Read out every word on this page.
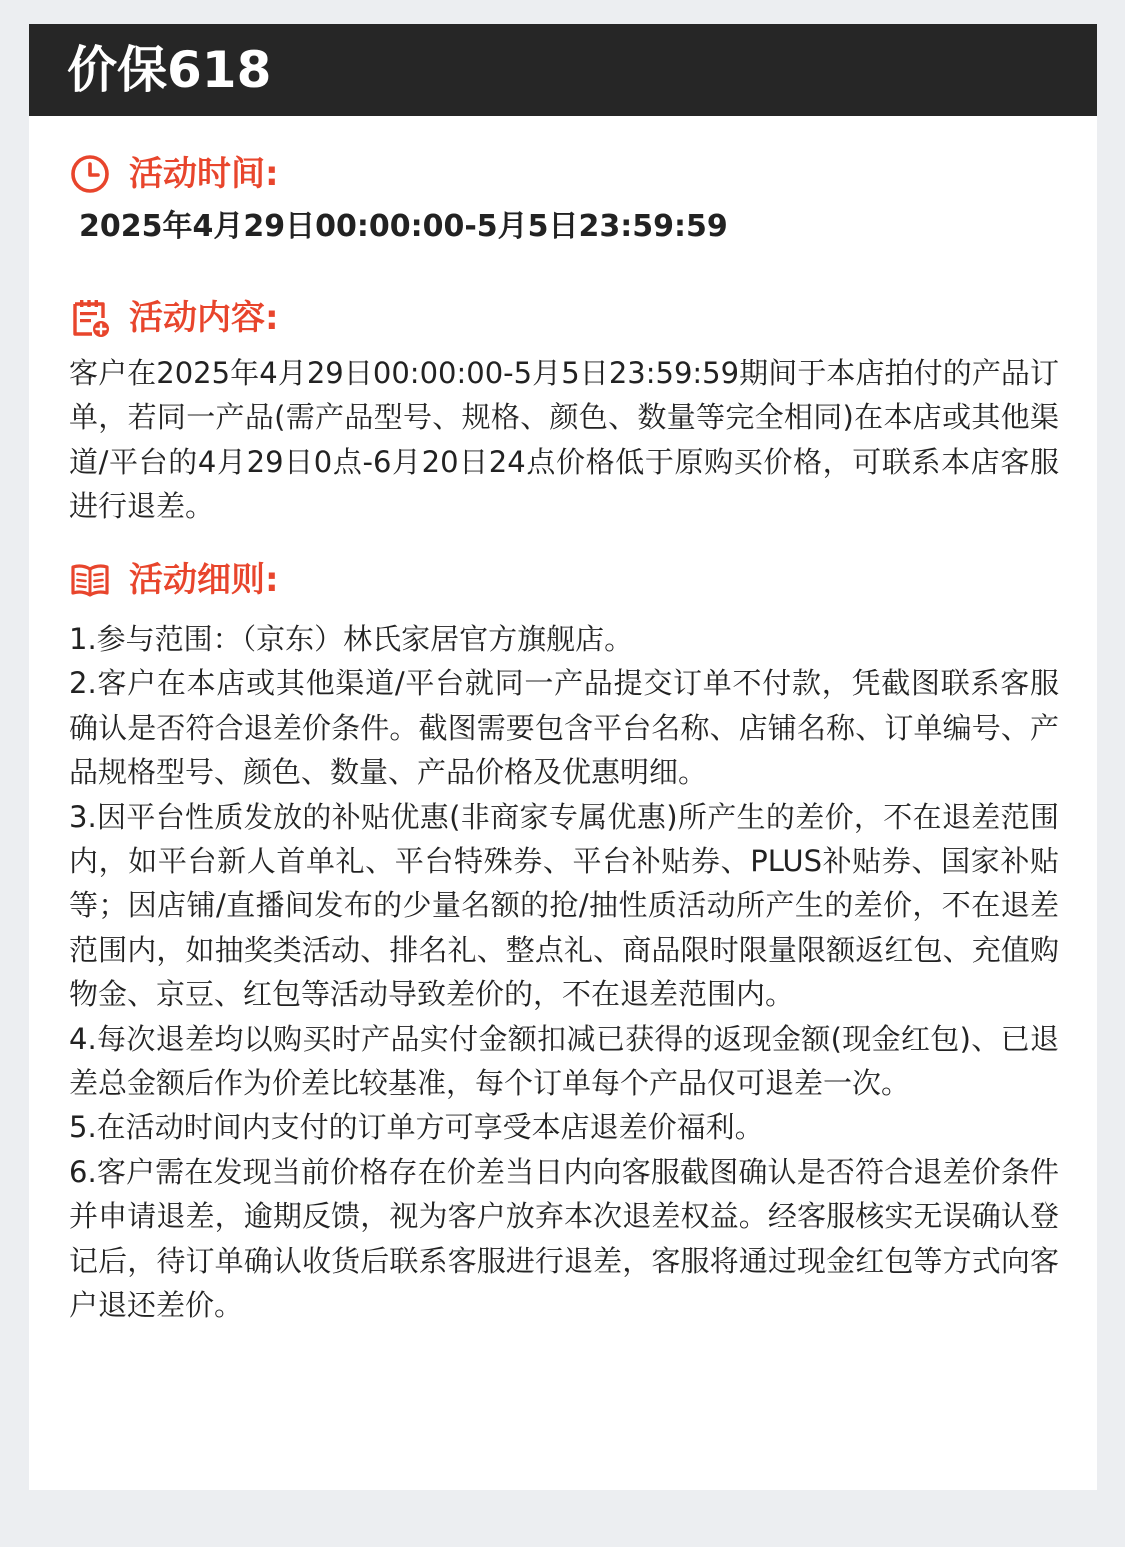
价保618
活动时间:
2025年4月29日00:00:00-5月5日23:59:59
活动内容:

客户在2025年4月29日00:00:00-5月5日23:59:59期间于本店拍付的产品订单，若同一产品(需产品型号、规格、颜色、数量等完全相同)在本店或其他渠道/平台的4月29日0点-6月20日24点价格低于原购买价格，可联系本店客服进行退差。

活动细则:

1.参与范围：（京东）林氏家居官方旗舰店。

2.客户在本店或其他渠道/平台就同一产品提交订单不付款，凭截图联系客服确认是否符合退差价条件。截图需要包含平台名称、店铺名称、订单编号、产品规格型号、颜色、数量、产品价格及优惠明细。

3.因平台性质发放的补贴优惠(非商家专属优惠)所产生的差价，不在退差范围内，如平台新人首单礼、平台特殊券、平台补贴券、PLUS补贴券、国家补贴等；因店铺/直播间发布的少量名额的抢/抽性质活动所产生的差价，不在退差范围内，如抽奖类活动、排名礼、整点礼、商品限时限量限额返红包、充值购物金、京豆、红包等活动导致差价的，不在退差范围内。

4.每次退差均以购买时产品实付金额扣减已获得的返现金额(现金红包)、已退差总金额后作为价差比较基准，每个订单每个产品仅可退差一次。

5.在活动时间内支付的订单方可享受本店退差价福利。

6.客户需在发现当前价格存在价差当日内向客服截图确认是否符合退差价条件并申请退差，逾期反馈，视为客户放弃本次退差权益。经客服核实无误确认登记后，待订单确认收货后联系客服进行退差，客服将通过现金红包等方式向客户退还差价。
